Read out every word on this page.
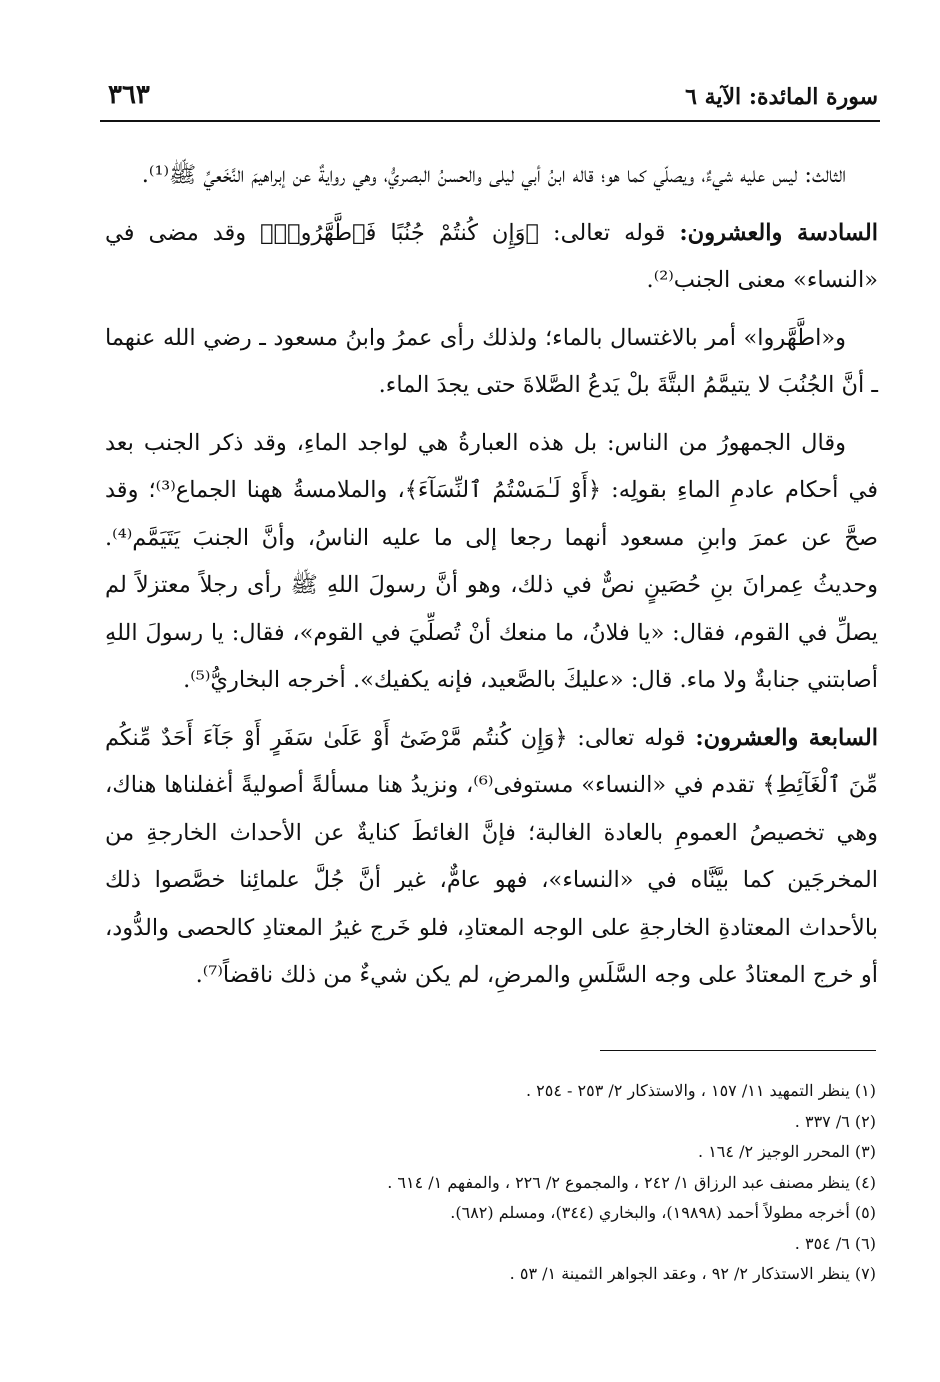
سورة المائدة: الآية ٦
٣٦٣

الثالث: ليس عليه شيءٌ، ويصلّي كما هو؛ قاله ابنُ أبي ليلى والحسنُ البصريُّ، وهي روايةٌ عن إبراهيمَ النَّخَعيِّ ﷺ⁽¹⁾.

السادسة والعشرون: قوله تعالى: ﴿وَإِن كُنتُمْ جُنُبًا فَٱطَّهَّرُوا۟﴾ وقد مضى في «النساء» معنى الجنب⁽²⁾.

و«اطَّهَّروا» أمر بالاغتسال بالماء؛ ولذلك رأى عمرُ وابنُ مسعود ـ رضي الله عنهما ـ أنَّ الجُنُبَ لا يتيمَّمُ البتَّةَ بلْ يَدعُ الصَّلاةَ حتى يجدَ الماء.

وقال الجمهورُ من الناس: بل هذه العبارةُ هي لواجد الماءِ، وقد ذكر الجنب بعد في أحكام عادمِ الماءِ بقولِه: ﴿أَوْ لَـٰمَسْتُمُ ٱلنِّسَآءَ﴾، والملامسةُ ههنا الجماع⁽³⁾؛ وقد صحَّ عن عمرَ وابنِ مسعود أنهما رجعا إلى ما عليه الناسُ، وأنَّ الجنبَ يَتَيَمَّم⁽⁴⁾. وحديثُ عِمرانَ بنِ حُصَينٍ نصٌّ في ذلك، وهو أنَّ رسولَ اللهِ ﷺ رأى رجلاً معتزلاً لم يصلِّ في القوم، فقال: «يا فلانُ، ما منعك أنْ تُصلِّيَ في القوم»، فقال: يا رسولَ اللهِ أصابتني جنابةٌ ولا ماء. قال: «عليكَ بالصَّعيد، فإنه يكفيك». أخرجه البخاريُّ⁽⁵⁾.

السابعة والعشرون: قوله تعالى: ﴿وَإِن كُنتُم مَّرْضَىٰٓ أَوْ عَلَىٰ سَفَرٍ أَوْ جَآءَ أَحَدٌ مِّنكُم مِّنَ ٱلْغَآئِطِ﴾ تقدم في «النساء» مستوفى⁽⁶⁾، ونزيدُ هنا مسألةً أصوليةً أغفلناها هناك، وهي تخصيصُ العمومِ بالعادة الغالبة؛ فإنَّ الغائطَ كنايةٌ عن الأحداث الخارجةِ من المخرجَين كما بيَّنَّاه في «النساء»، فهو عامٌّ، غير أنَّ جُلَّ علمائِنا خصَّصوا ذلك بالأحداث المعتادةِ الخارجةِ على الوجه المعتادِ، فلو خَرج غيرُ المعتادِ كالحصى والدُّود، أو خرج المعتادُ على وجه السَّلَسِ والمرضِ، لم يكن شيءٌ من ذلك ناقضاً⁽⁷⁾.

(١) ينظر التمهيد ١١/ ١٥٧ ، والاستذكار ٢/ ٢٥٣ - ٢٥٤ .
(٢) ٦/ ٣٣٧ .
(٣) المحرر الوجيز ٢/ ١٦٤ .
(٤) ينظر مصنف عبد الرزاق ١/ ٢٤٢ ، والمجموع ٢/ ٢٢٦ ، والمفهم ١/ ٦١٤ .
(٥) أخرجه مطولاً أحمد (١٩٨٩٨)، والبخاري (٣٤٤)، ومسلم (٦٨٢).
(٦) ٦/ ٣٥٤ .
(٧) ينظر الاستذكار ٢/ ٩٢ ، وعقد الجواهر الثمينة ١/ ٥٣ .
